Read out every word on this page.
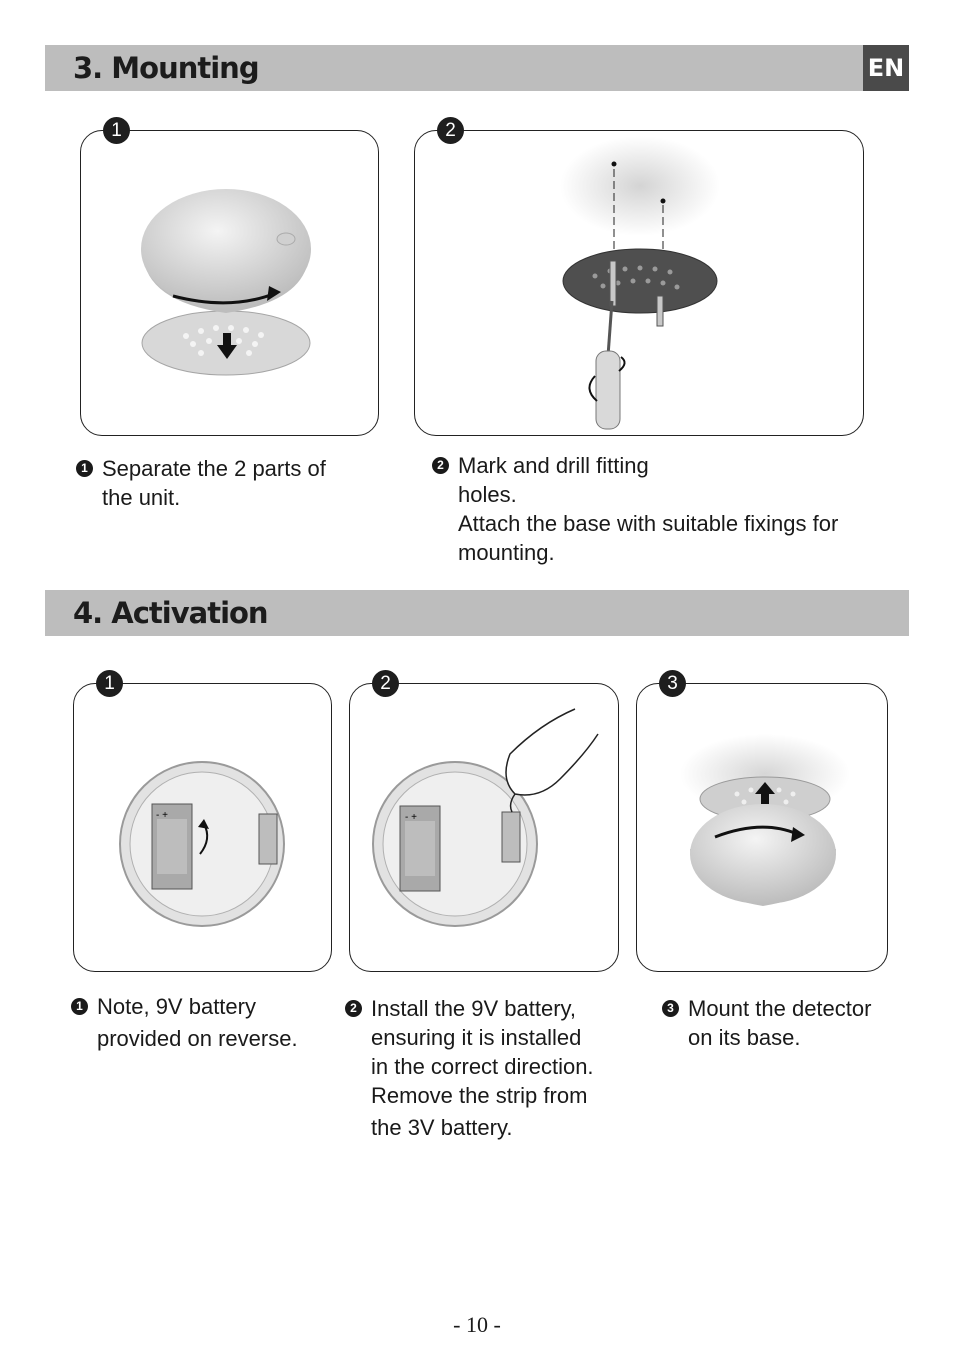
3. Mounting	EN
1	2
1 Separate the 2 parts of
the unit.
2 Mark and drill fitting
holes.
Attach the base with suitable fixings for
mounting.
4. Activation
1
- +
2
- +
3
1 Note, 9V battery
provided on reverse.
2 Install the 9V battery,
ensuring it is installed
in the correct direction.
Remove the strip from
the 3V battery.
3 Mount the detector
on its base.
- 10 -
